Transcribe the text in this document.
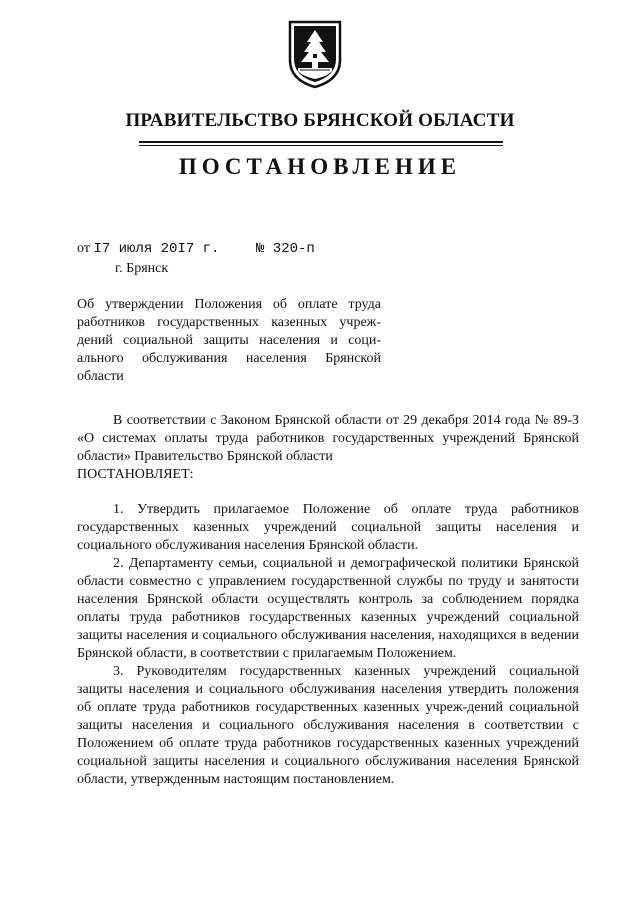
ПРАВИТЕЛЬСТВО БРЯНСКОЙ ОБЛАСТИ
ПОСТАНОВЛЕНИЕ
от I7 июля 20I7 г.	№ 320-п
г. Брянск
Об утверждении Положения об оплате труда работников государственных казенных учреж-дений социальной защиты населения и соци-ального обслуживания населения Брянской области

В соответствии с Законом Брянской области от 29 декабря 2014 года № 89-З «О системах оплаты труда работников государственных учреждений Брянской области» Правительство Брянской области

ПОСТАНОВЛЯЕТ:

1. Утвердить прилагаемое Положение об оплате труда работников государственных казенных учреждений социальной защиты населения и социального обслуживания населения Брянской области.

2. Департаменту семьи, социальной и демографической политики Брянской области совместно с управлением государственной службы по труду и занятости населения Брянской области осуществлять контроль за соблюдением порядка оплаты труда работников государственных казенных учреждений социальной защиты населения и социального обслуживания населения, находящихся в ведении Брянской области, в соответствии с прилагаемым Положением.

3. Руководителям государственных казенных учреждений социальной защиты населения и социального обслуживания населения утвердить положения об оплате труда работников государственных казенных учреж-дений социальной защиты населения и социального обслуживания населения в соответствии с Положением об оплате труда работников государственных казенных учреждений социальной защиты населения и социального обслуживания населения Брянской области, утвержденным настоящим постановлением.
